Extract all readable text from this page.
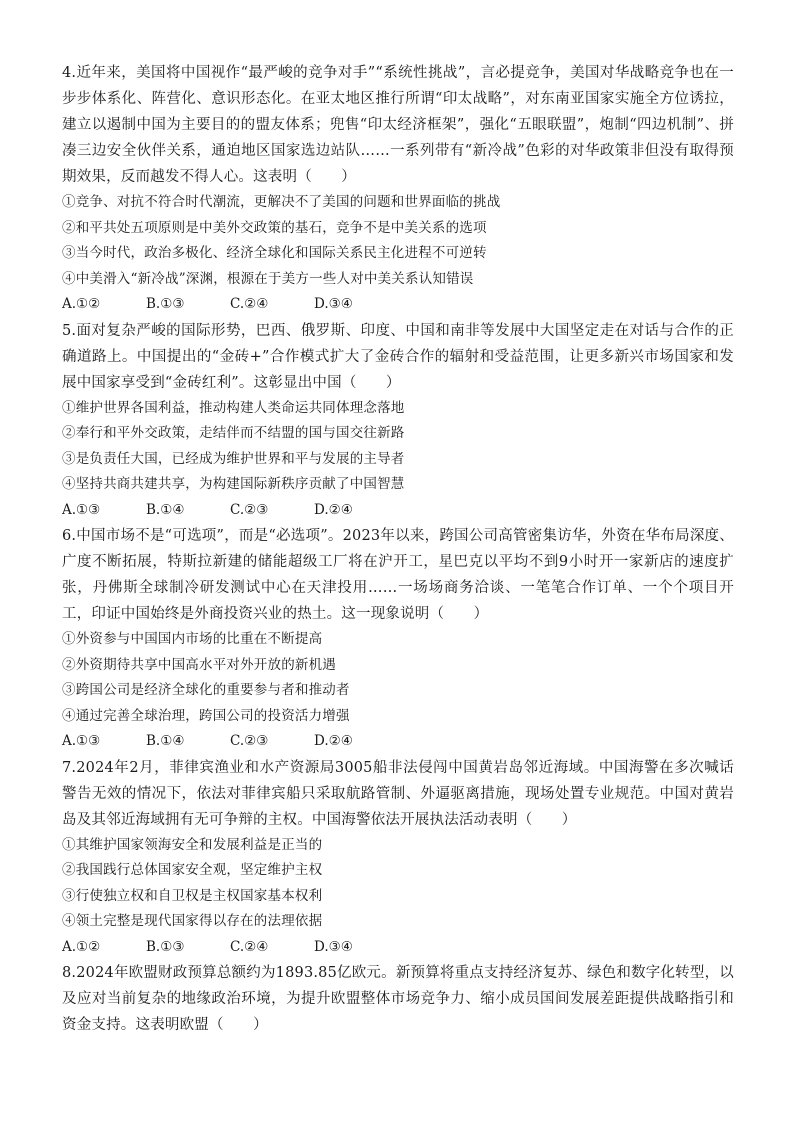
4.近年来，美国将中国视作“最严峻的竞争对手”“系统性挑战”，言必提竞争，美国对华战略竞争也在一步步体系化、阵营化、意识形态化。在亚太地区推行所谓“印太战略”，对东南亚国家实施全方位诱拉，建立以遏制中国为主要目的的盟友体系；兜售“印太经济框架”，强化“五眼联盟”，炮制“四边机制”、拼凑三边安全伙伴关系，通迫地区国家选边站队……一系列带有“新冷战”色彩的对华政策非但没有取得预期效果，反而越发不得人心。这表明（　　）

①竞争、对抗不符合时代潮流，更解决不了美国的问题和世界面临的挑战

②和平共处五项原则是中美外交政策的基石，竞争不是中美关系的选项

③当今时代，政治多极化、经济全球化和国际关系民主化进程不可逆转

④中美滑入“新冷战”深渊，根源在于美方一些人对中美关系认知错误

A.①②	B.①③	C.②④	D.③④

5.面对复杂严峻的国际形势，巴西、俄罗斯、印度、中国和南非等发展中大国坚定走在对话与合作的正确道路上。中国提出的“金砖+”合作模式扩大了金砖合作的辐射和受益范围，让更多新兴市场国家和发展中国家享受到“金砖红利”。这彰显出中国（　　）

①维护世界各国利益，推动构建人类命运共同体理念落地

②奉行和平外交政策，走结伴而不结盟的国与国交往新路

③是负责任大国，已经成为维护世界和平与发展的主导者

④坚持共商共建共享，为构建国际新秩序贡献了中国智慧

A.①③	B.①④	C.②③	D.②④

6.中国市场不是“可选项”，而是“必选项”。2023年以来，跨国公司高管密集访华，外资在华布局深度、广度不断拓展，特斯拉新建的储能超级工厂将在沪开工，星巴克以平均不到9小时开一家新店的速度扩张，丹佛斯全球制冷研发测试中心在天津投用……一场场商务洽谈、一笔笔合作订单、一个个项目开工，印证中国始终是外商投资兴业的热土。这一现象说明（　　）

①外资参与中国国内市场的比重在不断提高

②外资期待共享中国高水平对外开放的新机遇

③跨国公司是经济全球化的重要参与者和推动者

④通过完善全球治理，跨国公司的投资活力增强

A.①③	B.①④	C.②③	D.②④

7.2024年2月，菲律宾渔业和水产资源局3005船非法侵闯中国黄岩岛邻近海域。中国海警在多次喊话警告无效的情况下，依法对菲律宾船只采取航路管制、外逼驱离措施，现场处置专业规范。中国对黄岩岛及其邻近海域拥有无可争辩的主权。中国海警依法开展执法活动表明（　　）

①其维护国家领海安全和发展利益是正当的

②我国践行总体国家安全观，坚定维护主权

③行使独立权和自卫权是主权国家基本权利

④领土完整是现代国家得以存在的法理依据

A.①②	B.①③	C.②④	D.③④

8.2024年欧盟财政预算总额约为1893.85亿欧元。新预算将重点支持经济复苏、绿色和数字化转型，以及应对当前复杂的地缘政治环境，为提升欧盟整体市场竞争力、缩小成员国间发展差距提供战略指引和资金支持。这表明欧盟（　　）
